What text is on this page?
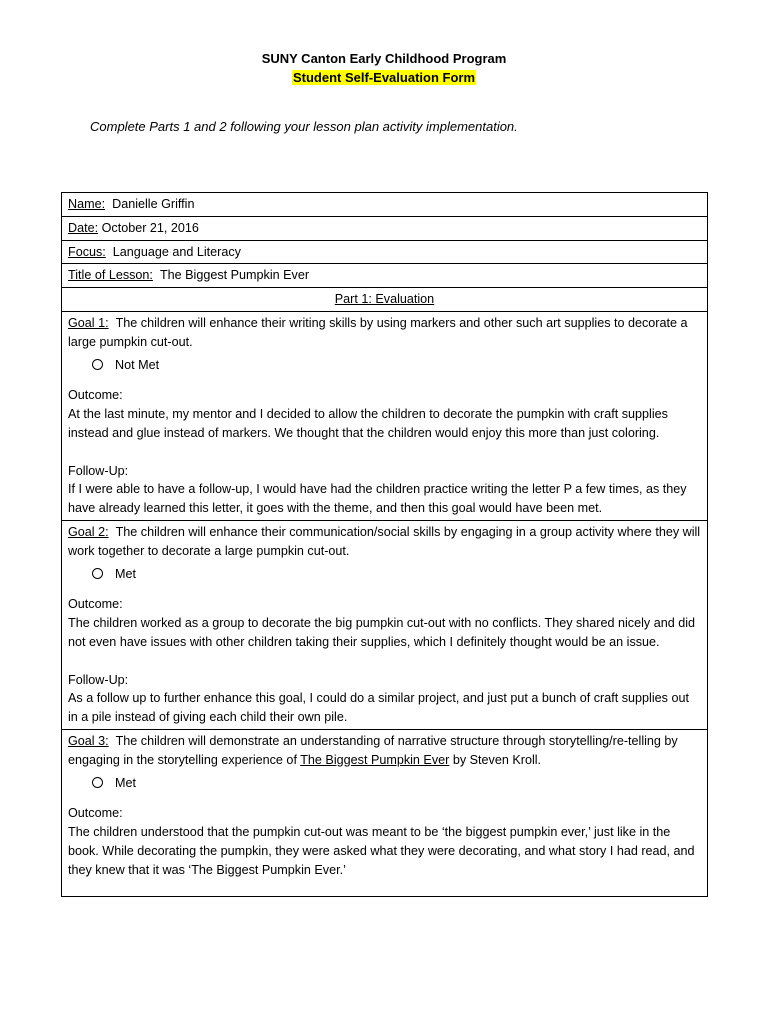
SUNY Canton Early Childhood Program
Student Self-Evaluation Form
Complete Parts 1 and 2 following your lesson plan activity implementation.
Name: Danielle Griffin
Date: October 21, 2016
Focus: Language and Literacy
Title of Lesson: The Biggest Pumpkin Ever
Part 1: Evaluation

Goal 1: The children will enhance their writing skills by using markers and other such art supplies to decorate a large pumpkin cut-out.
Not Met
Outcome:
At the last minute, my mentor and I decided to allow the children to decorate the pumpkin with craft supplies instead and glue instead of markers. We thought that the children would enjoy this more than just coloring.
Follow-Up:
If I were able to have a follow-up, I would have had the children practice writing the letter P a few times, as they have already learned this letter, it goes with the theme, and then this goal would have been met.

Goal 2: The children will enhance their communication/social skills by engaging in a group activity where they will work together to decorate a large pumpkin cut-out.
Met
Outcome:
The children worked as a group to decorate the big pumpkin cut-out with no conflicts. They shared nicely and did not even have issues with other children taking their supplies, which I definitely thought would be an issue.
Follow-Up:
As a follow up to further enhance this goal, I could do a similar project, and just put a bunch of craft supplies out in a pile instead of giving each child their own pile.

Goal 3: The children will demonstrate an understanding of narrative structure through storytelling/re-telling by engaging in the storytelling experience of The Biggest Pumpkin Ever by Steven Kroll.
Met
Outcome:
The children understood that the pumpkin cut-out was meant to be ‘the biggest pumpkin ever,’ just like in the book. While decorating the pumpkin, they were asked what they were decorating, and what story I had read, and they knew that it was ‘The Biggest Pumpkin Ever.’
